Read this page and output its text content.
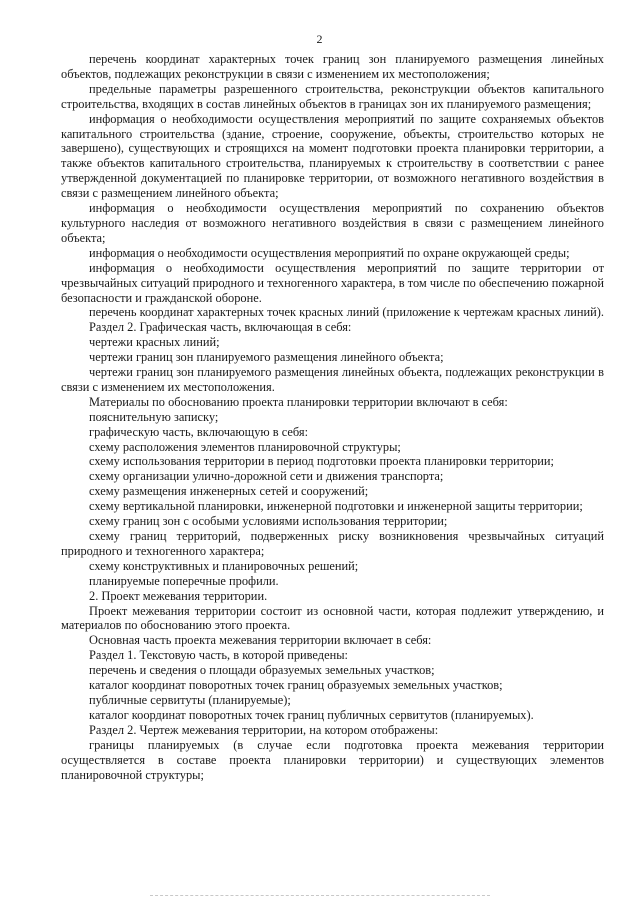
2

перечень координат характерных точек границ зон планируемого размещения линейных объектов, подлежащих реконструкции в связи с изменением их местоположения;

предельные параметры разрешенного строительства, реконструкции объектов капитального строительства, входящих в состав линейных объектов в границах зон их планируемого размещения;

информация о необходимости осуществления мероприятий по защите сохраняемых объектов капитального строительства (здание, строение, сооружение, объекты, строительство которых не завершено), существующих и строящихся на момент подготовки проекта планировки территории, а также объектов капитального строительства, планируемых к строительству в соответствии с ранее утвержденной документацией по планировке территории, от возможного негативного воздействия в связи с размещением линейного объекта;

информация о необходимости осуществления мероприятий по сохранению объектов культурного наследия от возможного негативного воздействия в связи с размещением линейного объекта;

информация о необходимости осуществления мероприятий по охране окружающей среды;

информация о необходимости осуществления мероприятий по защите территории от чрезвычайных ситуаций природного и техногенного характера, в том числе по обеспечению пожарной безопасности и гражданской обороне.

перечень координат характерных точек красных линий (приложение к чертежам красных линий).

Раздел 2. Графическая часть, включающая в себя:

чертежи красных линий;

чертежи границ зон планируемого размещения линейного объекта;

чертежи границ зон планируемого размещения линейных объекта, подлежащих реконструкции в связи с изменением их местоположения.

Материалы по обоснованию проекта планировки территории включают в себя:

пояснительную записку;

графическую часть, включающую в себя:

схему расположения элементов планировочной структуры;

схему использования территории в период подготовки проекта планировки территории;

схему организации улично-дорожной сети и движения транспорта;

схему размещения инженерных сетей и сооружений;

схему вертикальной планировки, инженерной подготовки и инженерной защиты территории;

схему границ зон с особыми условиями использования территории;

схему границ территорий, подверженных риску возникновения чрезвычайных ситуаций природного и техногенного характера;

схему конструктивных и планировочных решений;

планируемые поперечные профили.

2. Проект межевания территории.

Проект межевания территории состоит из основной части, которая подлежит утверждению, и материалов по обоснованию этого проекта.

Основная часть проекта межевания территории включает в себя:

Раздел 1. Текстовую часть, в которой приведены:

перечень и сведения о площади образуемых земельных участков;

каталог координат поворотных точек границ образуемых земельных участков;

публичные сервитуты (планируемые);

каталог координат поворотных точек границ публичных сервитутов (планируемых).

Раздел 2. Чертеж межевания территории, на котором отображены:

границы планируемых (в случае если подготовка проекта межевания территории осуществляется в составе проекта планировки территории) и существующих элементов планировочной структуры;
